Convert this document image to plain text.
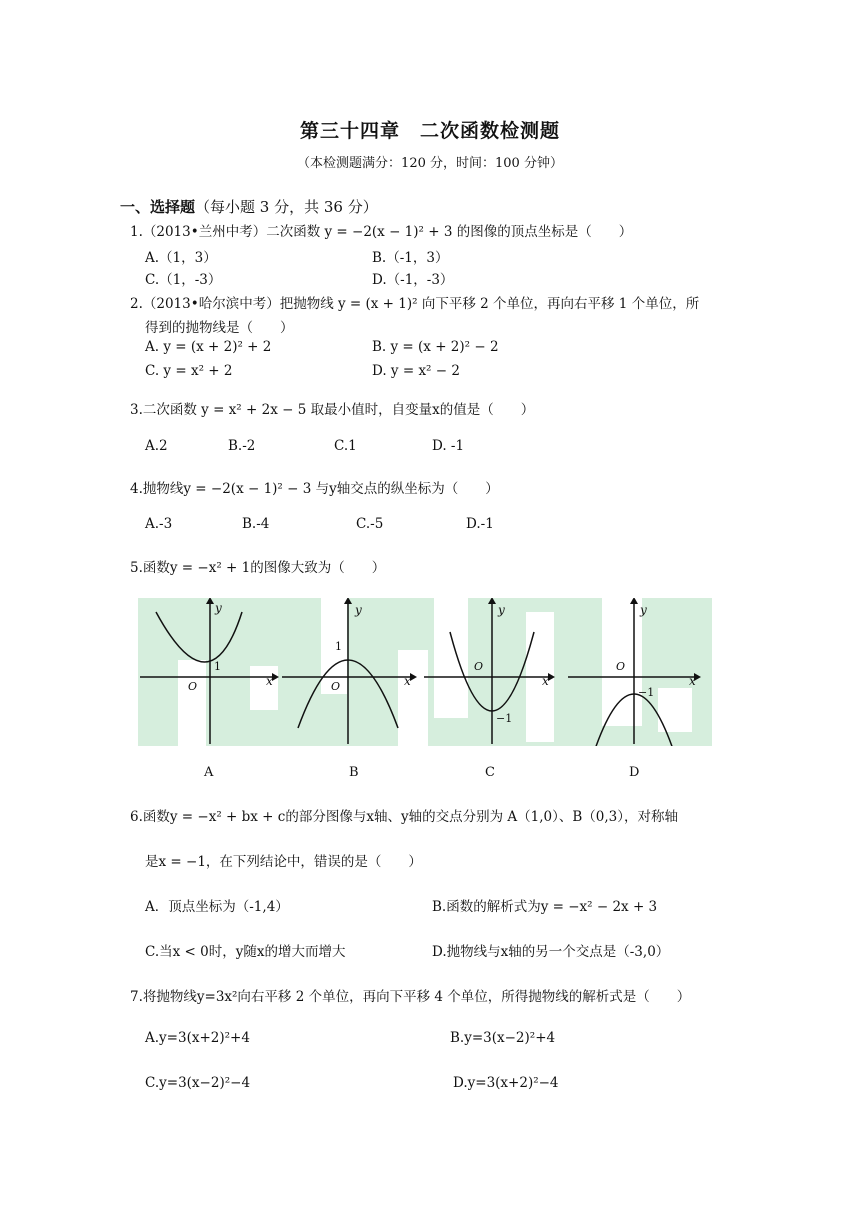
第三十四章　二次函数检测题
（本检测题满分：120 分，时间：100 分钟）
一、选择题（每小题 3 分，共 36 分）
1.（2013•兰州中考）二次函数 y = −2(x − 1)² + 3 的图像的顶点坐标是（　　）
A.（1，3）	B.（-1，3）
C.（1，-3）	D.（-1，-3）
2.（2013•哈尔滨中考）把抛物线 y = (x + 1)² 向下平移 2 个单位，再向右平移 1 个单位，所
得到的抛物线是（　　）
A. y = (x + 2)² + 2	B. y = (x + 2)² − 2
C. y = x² + 2	D. y = x² − 2
3.二次函数 y = x² + 2x − 5 取最小值时，自变量x的值是（　　）
A.2	B.-2	C.1	D. -1
4.抛物线y = −2(x − 1)² − 3 与y轴交点的纵坐标为（　　）
A.-3	B.-4	C.-5	D.-1
5.函数y = −x² + 1的图像大致为（　　）
y
x
O
1
y
x
O
1
y
x
O
−1
y
x
O
−1
A	B	C	D
6.函数y = −x² + bx + c的部分图像与x轴、y轴的交点分别为 A（1,0）、B（0,3），对称轴
是x = −1，在下列结论中，错误的是（　　）
A．顶点坐标为（-1,4）	B.函数的解析式为y = −x² − 2x + 3
C.当x < 0时，y随x的增大而增大	D.抛物线与x轴的另一个交点是（-3,0）
7.将抛物线y=3x²向右平移 2 个单位，再向下平移 4 个单位，所得抛物线的解析式是（　　）
A.y=3(x+2)²+4	B.y=3(x−2)²+4
C.y=3(x−2)²−4	D.y=3(x+2)²−4
